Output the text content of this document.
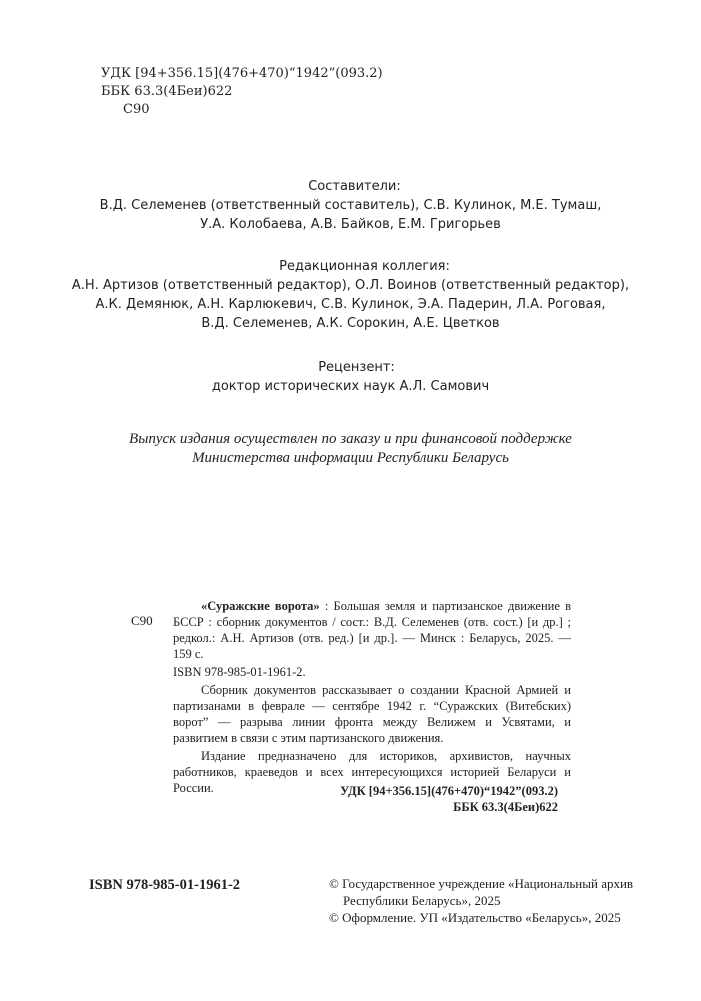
УДК [94+356.15](476+470)“1942”(093.2)
ББК 63.3(4Беи)622
С90
Составители:
В.Д. Селеменев (ответственный составитель), С.В. Кулинок, М.Е. Тумаш,
У.А. Колобаева, А.В. Байков, Е.М. Григорьев
Редакционная коллегия:
А.Н. Артизов (ответственный редактор), О.Л. Воинов (ответственный редактор),
А.К. Демянюк, А.Н. Карлюкевич, С.В. Кулинок, Э.А. Падерин, Л.А. Роговая,
В.Д. Селеменев, А.К. Сорокин, А.Е. Цветков
Рецензент:
доктор исторических наук А.Л. Самович
Выпуск издания осуществлен по заказу и при финансовой поддержке
Министерства информации Республики Беларусь
С90

«Суражские ворота» : Большая земля и партизанское движение в БССР : сборник документов / сост.: В.Д. Селеменев (отв. сост.) [и др.] ; редкол.: А.Н. Артизов (отв. ред.) [и др.]. — Минск : Беларусь, 2025. — 159 с.

ISBN 978-985-01-1961-2.

Сборник документов рассказывает о создании Красной Армией и партизанами в феврале — сентябре 1942 г. “Суражских (Витебских) ворот” — разрыва линии фронта между Велижем и Усвятами, и развитием в связи с этим партизанского движения.

Издание предназначено для историков, архивистов, научных работников, краеведов и всех интересующихся историей Беларуси и России.	УДК [94+356.15](476+470)“1942”(093.2)
ББК 63.3(4Беи)622
ISBN 978-985-01-1961-2	© Государственное учреждение «Национальный архив
Республики Беларусь», 2025
© Оформление. УП «Издательство «Беларусь», 2025
